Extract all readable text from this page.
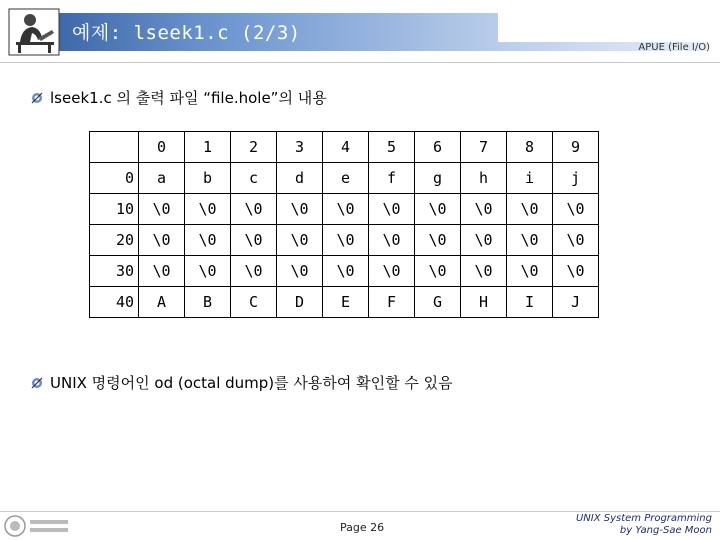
예제: lseek1.c (2/3)
APUE (File I/O)
lseek1.c 의 출력 파일 “file.hole”의 내용
	0	1	2	3	4	5	6	7	8	9
0	a	b	c	d	e	f	g	h	i	j
10	\0	\0	\0	\0	\0	\0	\0	\0	\0	\0
20	\0	\0	\0	\0	\0	\0	\0	\0	\0	\0
30	\0	\0	\0	\0	\0	\0	\0	\0	\0	\0
40	A	B	C	D	E	F	G	H	I	J
UNIX 명령어인 od (octal dump)를 사용하여 확인할 수 있음
Page 26
UNIX System Programming
by Yang-Sae Moon
